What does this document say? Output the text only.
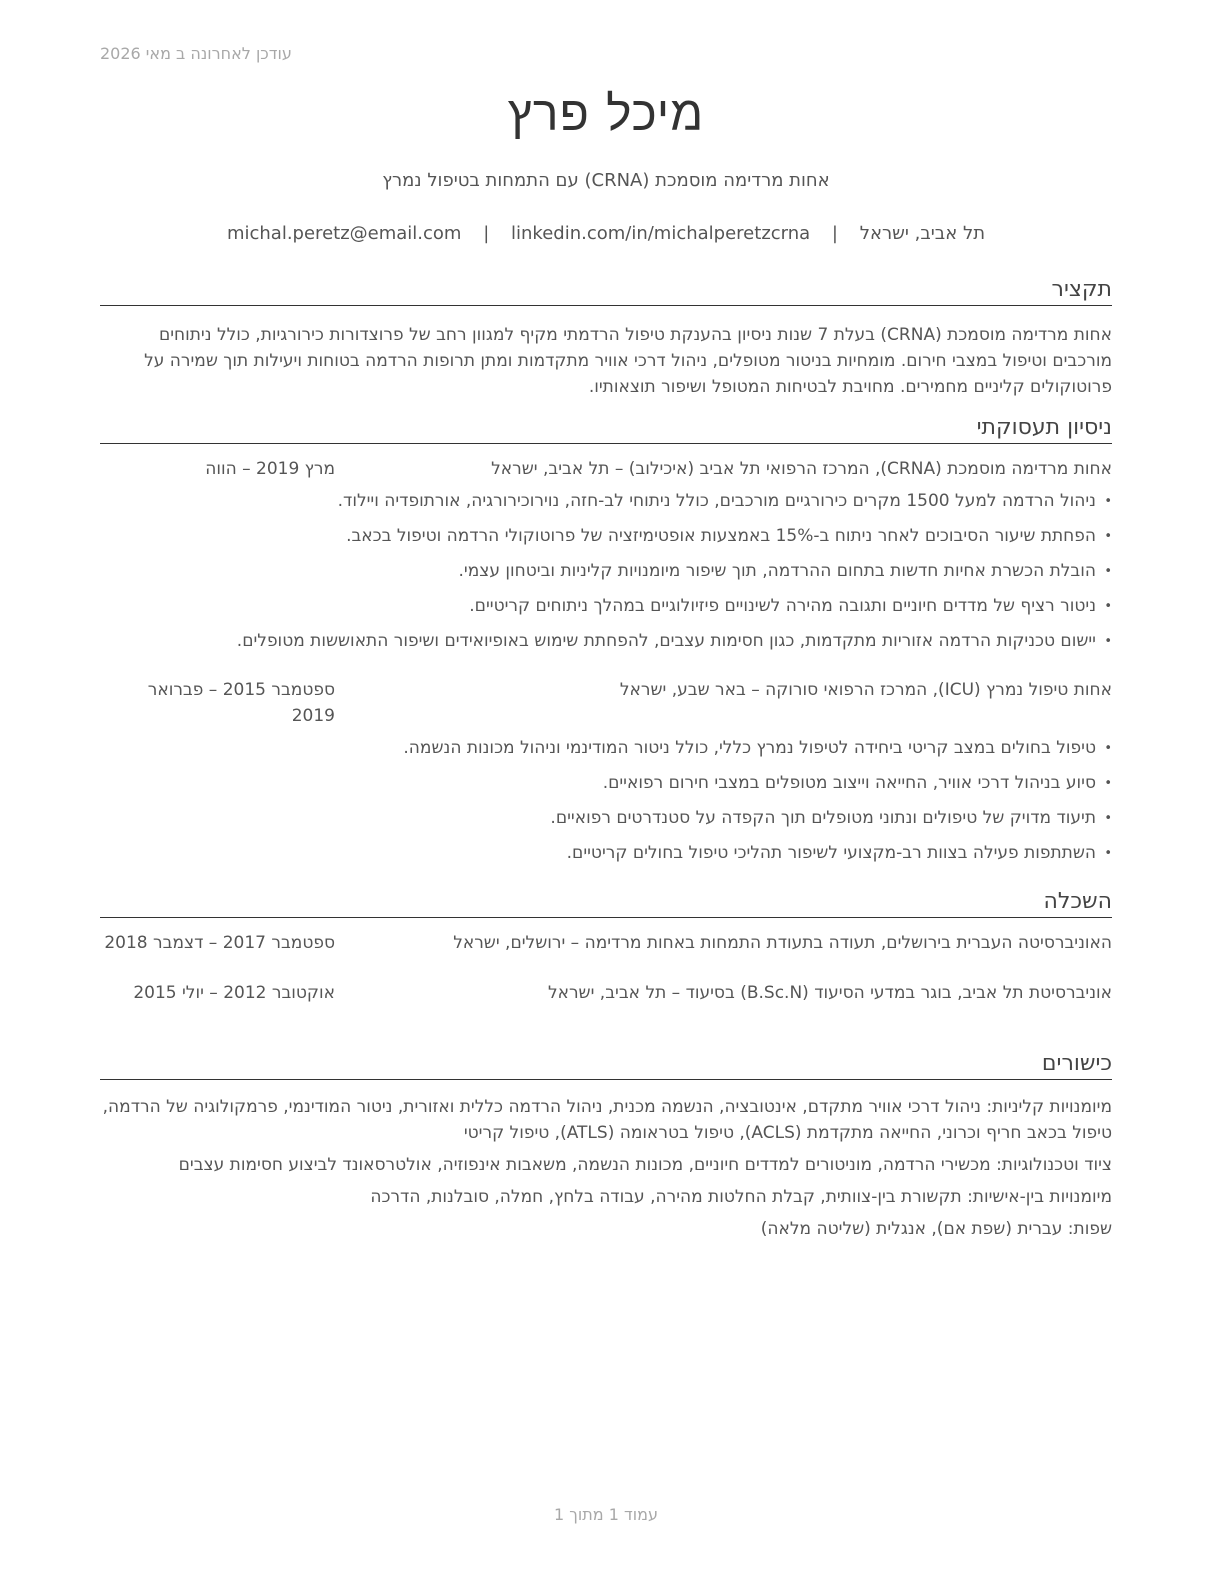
עודכן לאחרונה ב מאי 2026
מיכל פרץ
אחות מרדימה מוסמכת (CRNA) עם התמחות בטיפול נמרץ
תל אביב, ישראל | michal.peretz@email.com | linkedin.com/in/michalperetzcrna
תקציר
אחות מרדימה מוסמכת (CRNA) בעלת 7 שנות ניסיון בהענקת טיפול הרדמתי מקיף למגוון רחב של פרוצדורות כירורגיות, כולל ניתוחים מורכבים וטיפול במצבי חירום. מומחיות בניטור מטופלים, ניהול דרכי אוויר מתקדמות ומתן תרופות הרדמה בטוחות ויעילות תוך שמירה על פרוטוקולים קליניים מחמירים. מחויבת לבטיחות המטופל ושיפור תוצאותיו.
ניסיון תעסוקתי
אחות מרדימה מוסמכת (CRNA), המרכז הרפואי תל אביב (איכילוב) – תל אביב, ישראל
מרץ 2019 – הווה
• ניהול הרדמה למעל 1500 מקרים כירורגיים מורכבים, כולל ניתוחי לב-חזה, נוירוכירורגיה, אורתופדיה ויילוד.
• הפחתת שיעור הסיבוכים לאחר ניתוח ב-15% באמצעות אופטימיזציה של פרוטוקולי הרדמה וטיפול בכאב.
• הובלת הכשרת אחיות חדשות בתחום ההרדמה, תוך שיפור מיומנויות קליניות וביטחון עצמי.
• ניטור רציף של מדדים חיוניים ותגובה מהירה לשינויים פיזיולוגיים במהלך ניתוחים קריטיים.
• יישום טכניקות הרדמה אזוריות מתקדמות, כגון חסימות עצבים, להפחתת שימוש באופיואידים ושיפור התאוששות מטופלים.
אחות טיפול נמרץ (ICU), המרכז הרפואי סורוקה – באר שבע, ישראל
ספטמבר 2015 – פברואר 2019
• טיפול בחולים במצב קריטי ביחידה לטיפול נמרץ כללי, כולל ניטור המודינמי וניהול מכונות הנשמה.
• סיוע בניהול דרכי אוויר, החייאה וייצוב מטופלים במצבי חירום רפואיים.
• תיעוד מדויק של טיפולים ונתוני מטופלים תוך הקפדה על סטנדרטים רפואיים.
• השתתפות פעילה בצוות רב-מקצועי לשיפור תהליכי טיפול בחולים קריטיים.
השכלה
האוניברסיטה העברית בירושלים, תעודה בתעודת התמחות באחות מרדימה – ירושלים, ישראל
ספטמבר 2017 – דצמבר 2018
אוניברסיטת תל אביב, בוגר במדעי הסיעוד (B.Sc.N) בסיעוד – תל אביב, ישראל
אוקטובר 2012 – יולי 2015
כישורים
מיומנויות קליניות: ניהול דרכי אוויר מתקדם, אינטובציה, הנשמה מכנית, ניהול הרדמה כללית ואזורית, ניטור המודינמי, פרמקולוגיה של הרדמה, טיפול בכאב חריף וכרוני, החייאה מתקדמת (ACLS), טיפול בטראומה (ATLS), טיפול קריטי
ציוד וטכנולוגיות: מכשירי הרדמה, מוניטורים למדדים חיוניים, מכונות הנשמה, משאבות אינפוזיה, אולטרסאונד לביצוע חסימות עצבים
מיומנויות בין-אישיות: תקשורת בין-צוותית, קבלת החלטות מהירה, עבודה בלחץ, חמלה, סובלנות, הדרכה
שפות: עברית (שפת אם), אנגלית (שליטה מלאה)
עמוד 1 מתוך 1
